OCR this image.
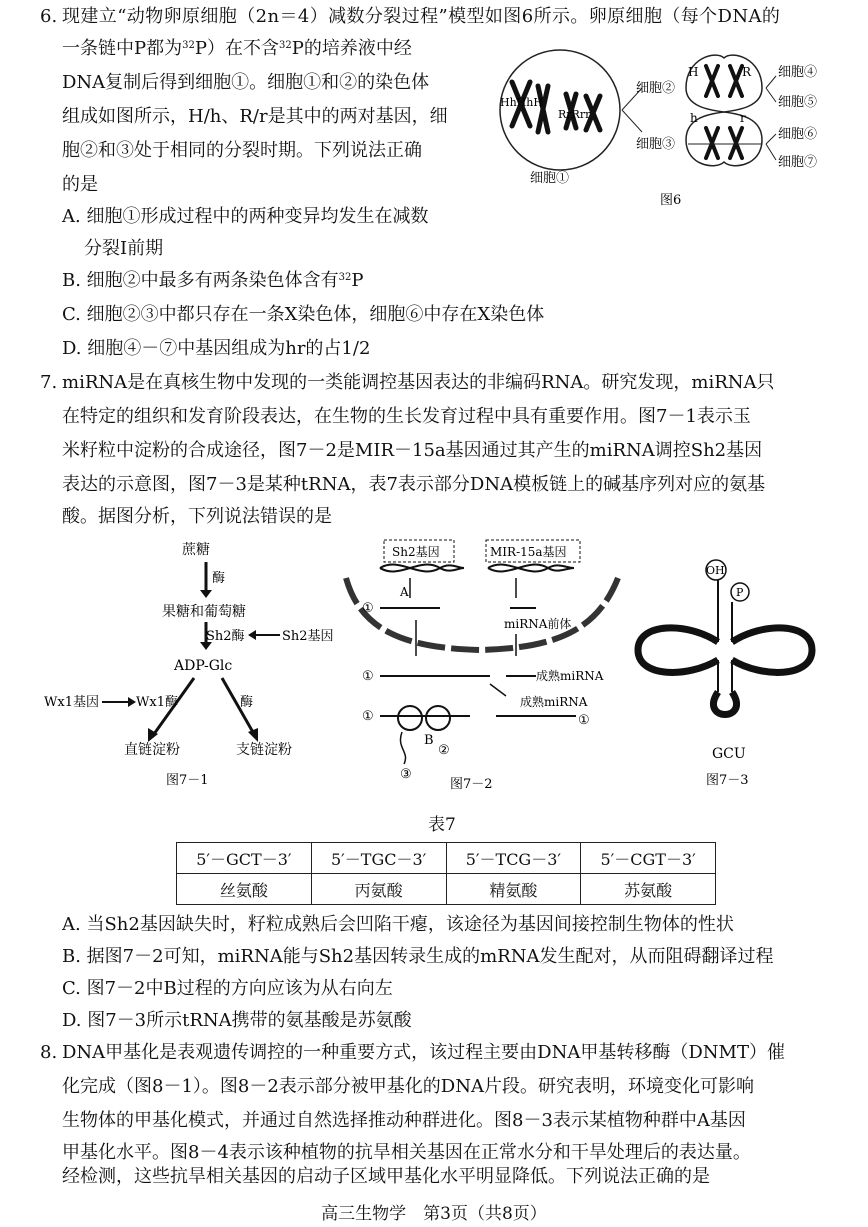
6. 现建立“动物卵原细胞（2n＝4）减数分裂过程”模型如图6所示。卵原细胞（每个DNA的
一条链中P都为$^{32}$P）在不含$^{32}$P的培养液中经
DNA复制后得到细胞①。细胞①和②的染色体
组成如图所示，H/h、R/r是其中的两对基因，细
胞②和③处于相同的分裂时期。下列说法正确
的是
A. 细胞①形成过程中的两种变异均发生在减数
分裂Ⅰ前期
B. 细胞②中最多有两条染色体含有$^{32}$P
C. 细胞②③中都只存在一条X染色体，细胞⑥中存在X染色体
D. 细胞④－⑦中基因组成为hr的占1/2
HhHhH
RrRrr
细胞①
细胞②
细胞③
H	R
h	r
细胞④
细胞⑤
细胞⑥
细胞⑦
图6
7. miRNA是在真核生物中发现的一类能调控基因表达的非编码RNA。研究发现，miRNA只
在特定的组织和发育阶段表达，在生物的生长发育过程中具有重要作用。图7－1表示玉
米籽粒中淀粉的合成途径，图7－2是MIR－15a基因通过其产生的miRNA调控Sh2基因
表达的示意图，图7－3是某种tRNA，表7表示部分DNA模板链上的碱基序列对应的氨基
酸。据图分析，下列说法错误的是
蔗糖
酶
果糖和葡萄糖
Sh2酶	Sh2基因
ADP-Glc
酶
Wx1基因	Wx1酶
直链淀粉	支链淀粉
图7－1
Sh2基因	MIR-15a基因
A
①
miRNA前体
①	成熟miRNA
成熟miRNA
①	①
B
②
③
图7－2
OH
P
GCU
图7－3
表7
5′－GCT－3′	5′－TGC－3′	5′－TCG－3′	5′－CGT－3′
丝氨酸	丙氨酸	精氨酸	苏氨酸
A. 当Sh2基因缺失时，籽粒成熟后会凹陷干瘪，该途径为基因间接控制生物体的性状
B. 据图7－2可知，miRNA能与Sh2基因转录生成的mRNA发生配对，从而阻碍翻译过程
C. 图7－2中B过程的方向应该为从右向左
D. 图7－3所示tRNA携带的氨基酸是苏氨酸
8. DNA甲基化是表观遗传调控的一种重要方式，该过程主要由DNA甲基转移酶（DNMT）催
化完成（图8－1）。图8－2表示部分被甲基化的DNA片段。研究表明，环境变化可影响
生物体的甲基化模式，并通过自然选择推动种群进化。图8－3表示某植物种群中A基因
甲基化水平。图8－4表示该种植物的抗旱相关基因在正常水分和干旱处理后的表达量。
经检测，这些抗旱相关基因的启动子区域甲基化水平明显降低。下列说法正确的是
高三生物学　第3页（共8页）
